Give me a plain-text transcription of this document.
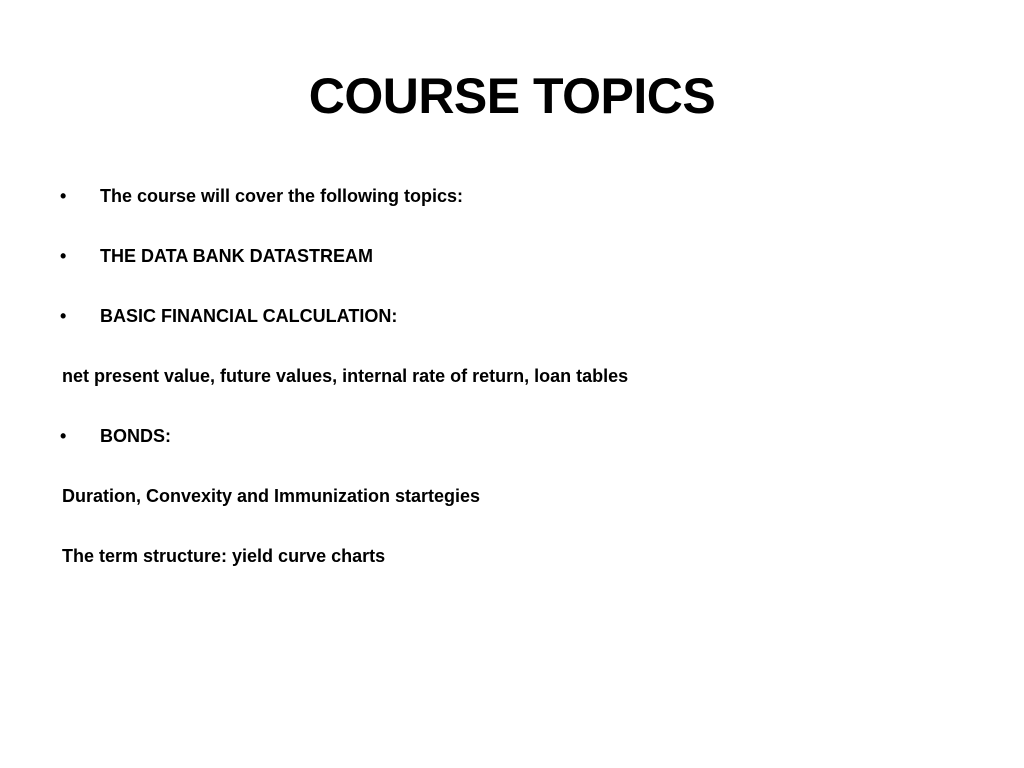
COURSE TOPICS
•	The course will cover the following topics:
•	THE DATA BANK DATASTREAM
•	BASIC FINANCIAL CALCULATION:
net present value, future values, internal rate of return, loan tables
•	BONDS:
Duration, Convexity and Immunization startegies
The term structure: yield curve charts
